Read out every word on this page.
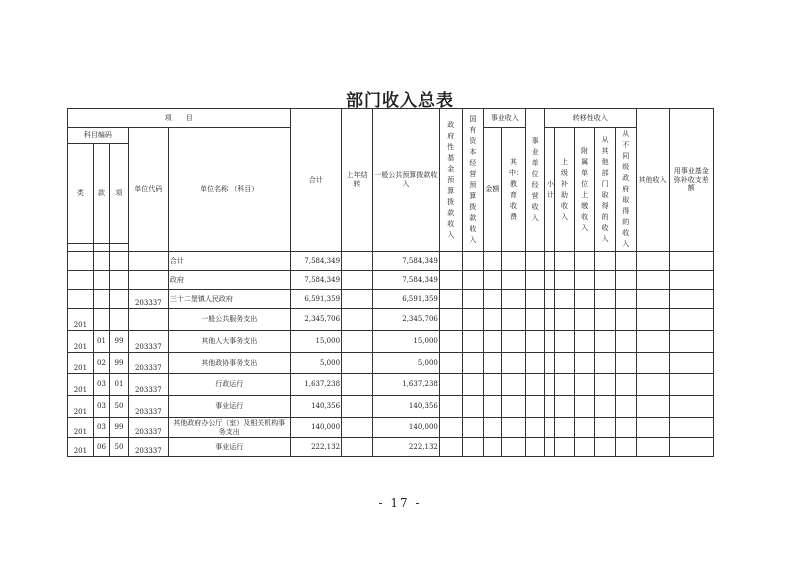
部门收入总表
项　　目					合计	上年结转	一般公共预算拨款收入	政府性基金预算拨款收入	国有资本经营预算拨款收入	事业收入		事业单位经营收入	转移性收入					其他收入	用事业基金弥补收支差额
科目编码			单位代码	单位名称 （科目）						金额	其中：教育收费		小计	上级补助收入	附属单位上缴收入	从其他部门取得的收入	从不同级政府取得的收入		

类	款	项																	

				合计	7,584,349		7,584,349												
				政府	7,584,349		7,584,349												
			203337	三十二堡镇人民政府	6,591,359		6,591,359												
201				一般公共服务支出	2,345,706		2,345,706												
201	01	99	203337	其他人大事务支出	15,000		15,000												
201	02	99	203337	其他政协事务支出	5,000		5,000												
201	03	01	203337	行政运行	1,637,238		1,637,238												
201	03	50	203337	事业运行	140,356		140,356												
201	03	99	203337	其他政府办公厅（室）及相关机构事务支出	140,000		140,000												
201	06	50	203337	事业运行	222,132		222,132												
- 17 -
